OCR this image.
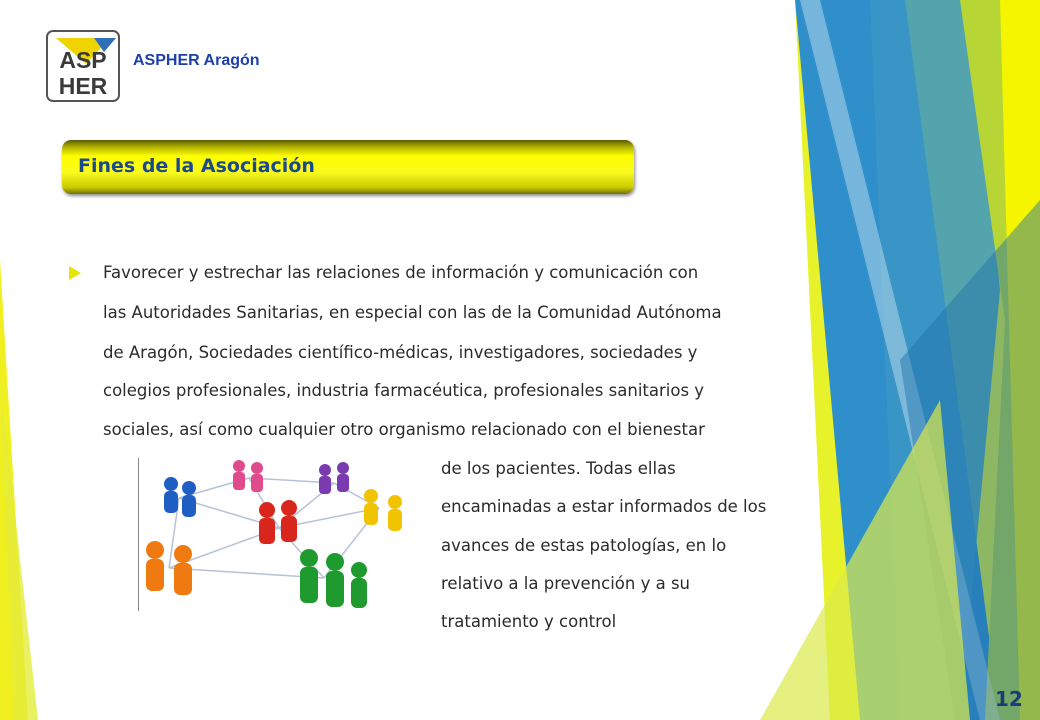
ASP
HER
ASPHER Aragón
Fines de la Asociación
Favorecer y estrechar las relaciones de información y comunicación con
las Autoridades Sanitarias, en especial con las de la Comunidad Autónoma
de Aragón, Sociedades científico-médicas, investigadores, sociedades y
colegios profesionales, industria farmacéutica, profesionales sanitarios y
sociales, así como cualquier otro organismo relacionado con el bienestar
de los pacientes. Todas ellas
encaminadas a estar informados de los
avances de estas patologías, en lo
relativo a la prevención y a su
tratamiento y control
12
